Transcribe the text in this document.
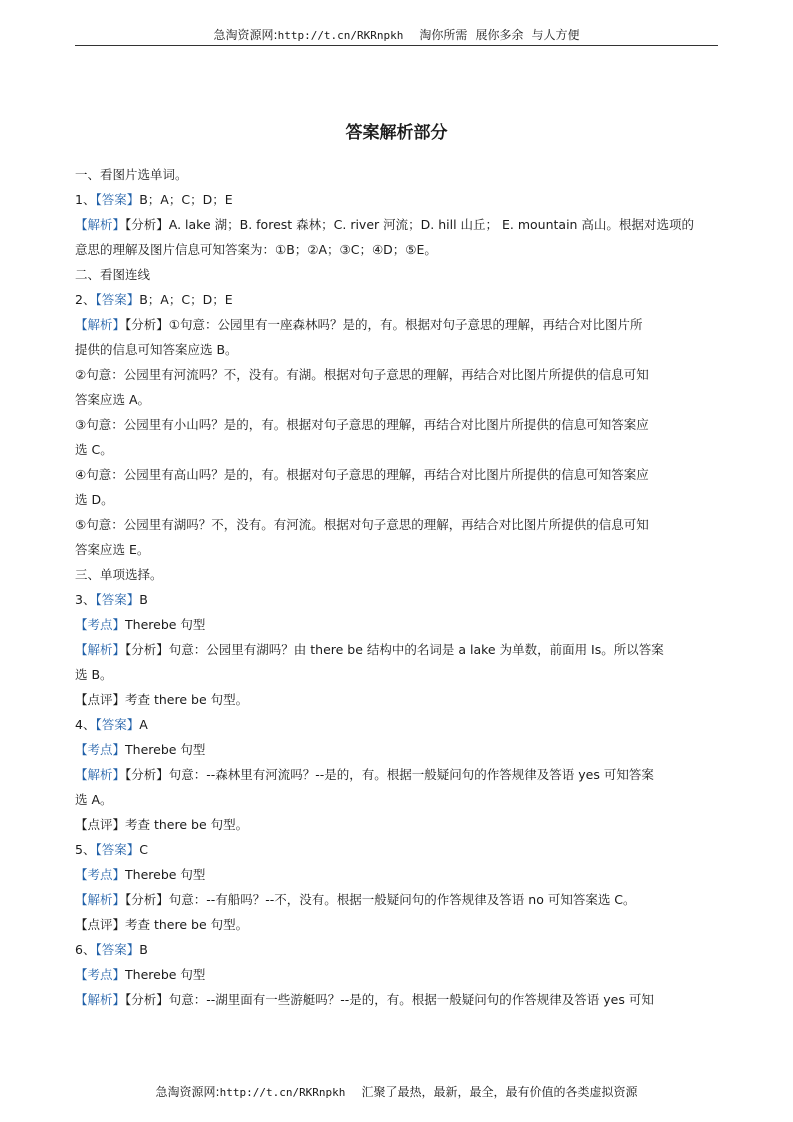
急淘资源网:http://t.cn/RKRnpkh 淘你所需 展你多余 与人方便
答案解析部分
一、看图片选单词。
1、【答案】B；A；C；D；E
【解析】【分析】A. lake 湖；B. forest 森林；C. river 河流；D. hill 山丘； E. mountain 高山。根据对选项的
意思的理解及图片信息可知答案为：①B；②A；③C；④D；⑤E。
二、看图连线
2、【答案】B；A；C；D；E
【解析】【分析】①句意：公园里有一座森林吗？是的，有。根据对句子意思的理解，再结合对比图片所
提供的信息可知答案应选 B。
②句意：公园里有河流吗？不，没有。有湖。根据对句子意思的理解，再结合对比图片所提供的信息可知
答案应选 A。
③句意：公园里有小山吗？是的，有。根据对句子意思的理解，再结合对比图片所提供的信息可知答案应
选 C。
④句意：公园里有高山吗？是的，有。根据对句子意思的理解，再结合对比图片所提供的信息可知答案应
选 D。
⑤句意：公园里有湖吗？不，没有。有河流。根据对句子意思的理解，再结合对比图片所提供的信息可知
答案应选 E。
三、单项选择。
3、【答案】B
【考点】Therebe 句型
【解析】【分析】句意：公园里有湖吗？由 there be 结构中的名词是 a lake 为单数，前面用 Is。所以答案
选 B。
【点评】考查 there be 句型。
4、【答案】A
【考点】Therebe 句型
【解析】【分析】句意：--森林里有河流吗？--是的，有。根据一般疑问句的作答规律及答语 yes 可知答案
选 A。
【点评】考查 there be 句型。
5、【答案】C
【考点】Therebe 句型
【解析】【分析】句意：--有船吗？--不，没有。根据一般疑问句的作答规律及答语 no 可知答案选 C。
【点评】考查 there be 句型。
6、【答案】B
【考点】Therebe 句型
【解析】【分析】句意：--湖里面有一些游艇吗？--是的，有。根据一般疑问句的作答规律及答语 yes 可知
急淘资源网:http://t.cn/RKRnpkh 汇聚了最热，最新，最全，最有价值的各类虚拟资源
